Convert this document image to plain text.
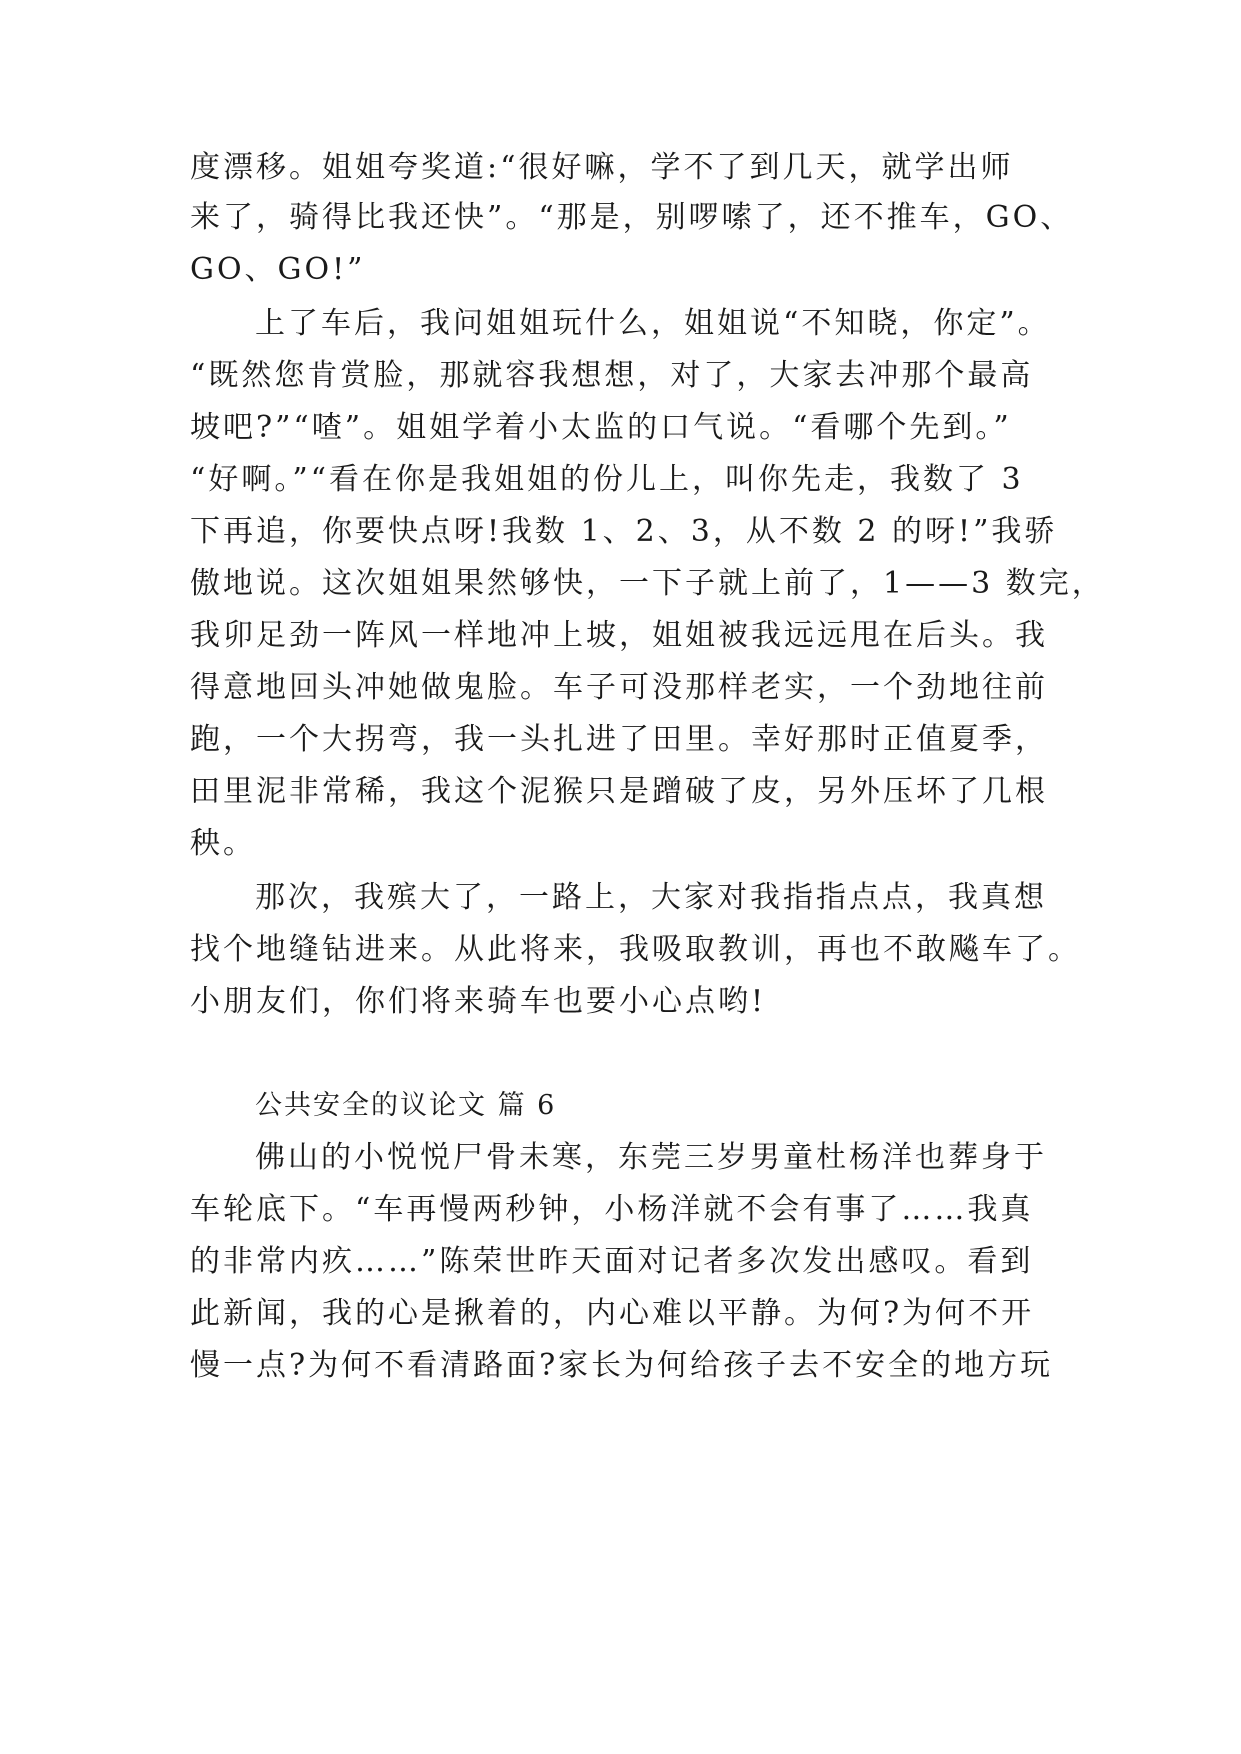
度漂移。姐姐夸奖道:“很好嘛，学不了到几天，就学出师
来了，骑得比我还快”。“那是，别啰嗦了，还不推车，GO、
GO、GO!”
上了车后，我问姐姐玩什么，姐姐说“不知晓，你定”。
“既然您肯赏脸，那就容我想想，对了，大家去冲那个最高
坡吧?”“喳”。姐姐学着小太监的口气说。“看哪个先到。”
“好啊。”“看在你是我姐姐的份儿上，叫你先走，我数了 3
下再追，你要快点呀!我数 1、2、3，从不数 2 的呀!”我骄
傲地说。这次姐姐果然够快，一下子就上前了，1——3 数完，
我卯足劲一阵风一样地冲上坡，姐姐被我远远甩在后头。我
得意地回头冲她做鬼脸。车子可没那样老实，一个劲地往前
跑，一个大拐弯，我一头扎进了田里。幸好那时正值夏季，
田里泥非常稀，我这个泥猴只是蹭破了皮，另外压坏了几根
秧。
那次，我殡大了，一路上，大家对我指指点点，我真想
找个地缝钻进来。从此将来，我吸取教训，再也不敢飚车了。
小朋友们，你们将来骑车也要小心点哟!
公共安全的议论文 篇 6
佛山的小悦悦尸骨未寒，东莞三岁男童杜杨洋也葬身于
车轮底下。“车再慢两秒钟，小杨洋就不会有事了……我真
的非常内疚……”陈荣世昨天面对记者多次发出感叹。看到
此新闻，我的心是揪着的，内心难以平静。为何?为何不开
慢一点?为何不看清路面?家长为何给孩子去不安全的地方玩
